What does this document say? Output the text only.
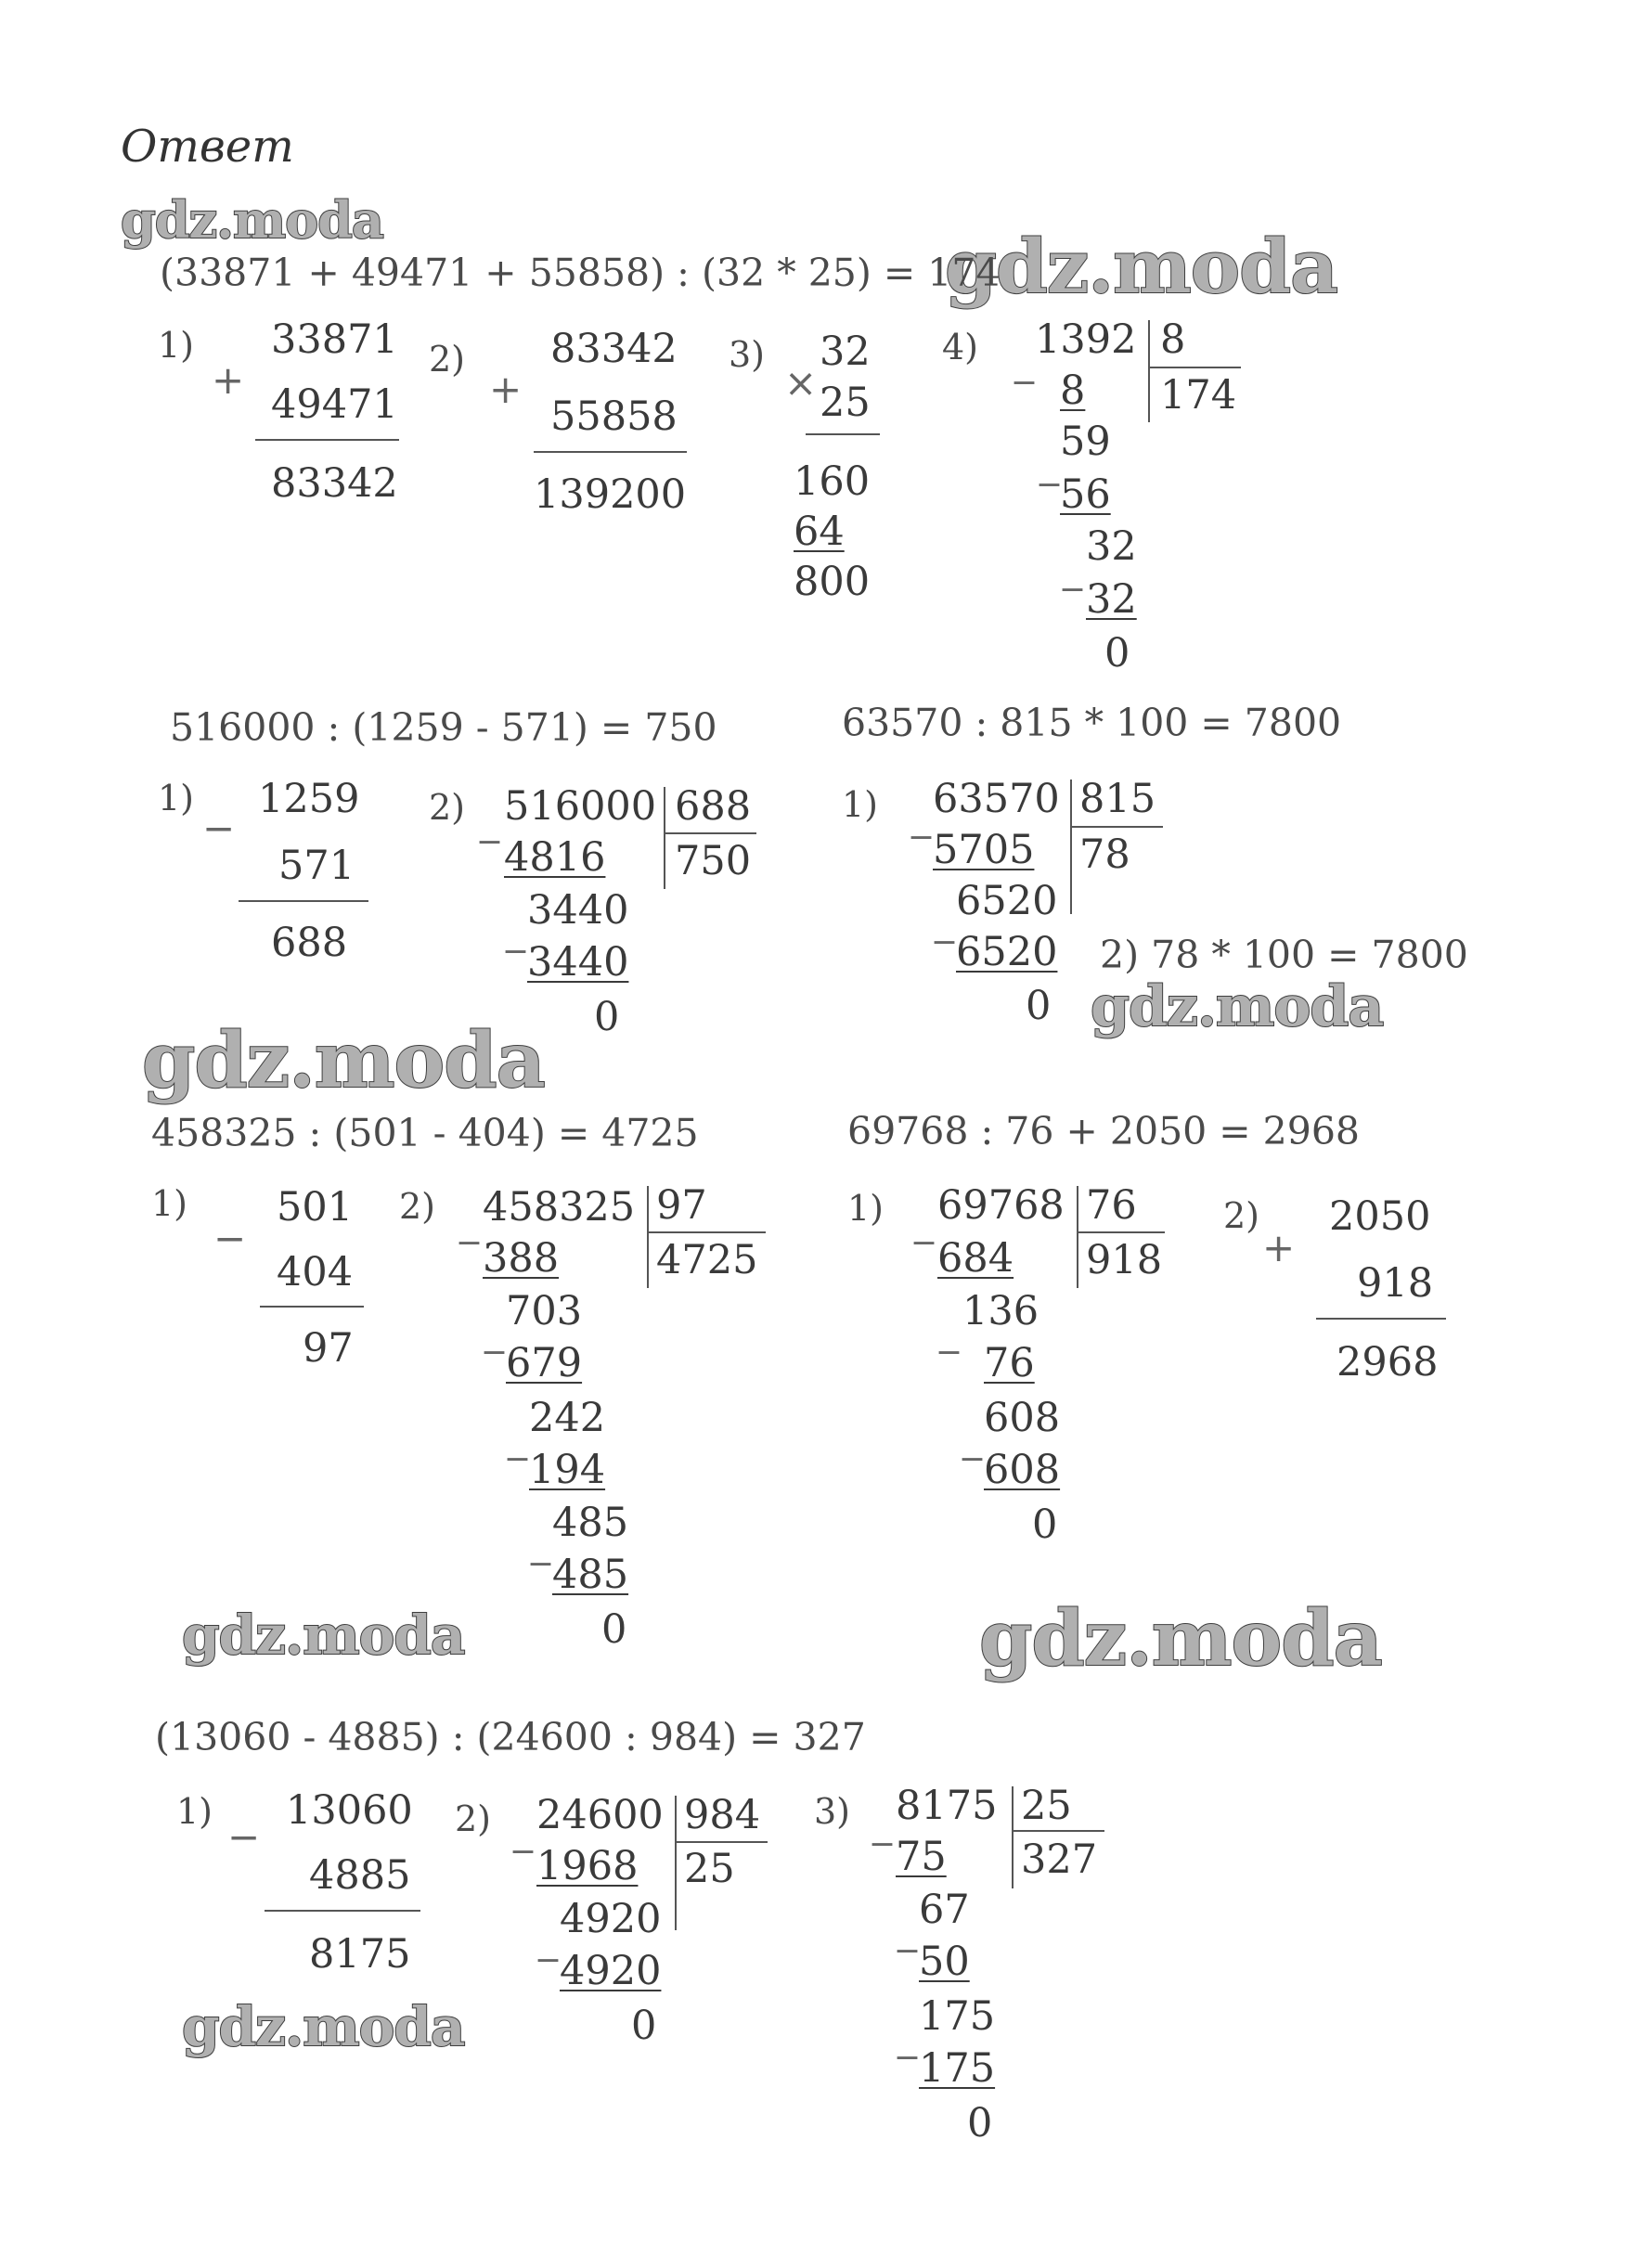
Ответ
gdz.moda
gdz.moda
gdz.moda
gdz.moda
gdz.moda	gdz.moda
gdz.moda
(33871 + 49471 + 55858) : (32 * 25) = 174
1)
+
33871
49471
83342
2)
+
83342
55858
139200
3)
×
32
25
160
64
800
4) _ 1392 8
174
8
_ 59
56
_ 32
32
0
516000 : (1259 - 571) = 750
1)
−
1259
571
688
2) _ 516000 688
750
4816
_ 3440
3440
0
63570 : 815 * 100 = 7800
1) _ 63570 815
78
5705
_ 6520
6520
0
2) 78 * 100 = 7800
458325 : (501 - 404) = 4725
1)
−
501
404
97
2) _ 458325 97
4725
388
_ 703
679
_ 242
194
_ 485
485
0
69768 : 76 + 2050 = 2968
1) _ 69768 76
918
684
_ 136
76
_ 608
608
0
2)
+
2050
918
2968
(13060 - 4885) : (24600 : 984) = 327
1)
−
13060
4885
8175
2) _ 24600 984
25
1968
_ 4920
4920
0
3) _ 8175 25
327
75
_ 67
50
_ 175
175
0
